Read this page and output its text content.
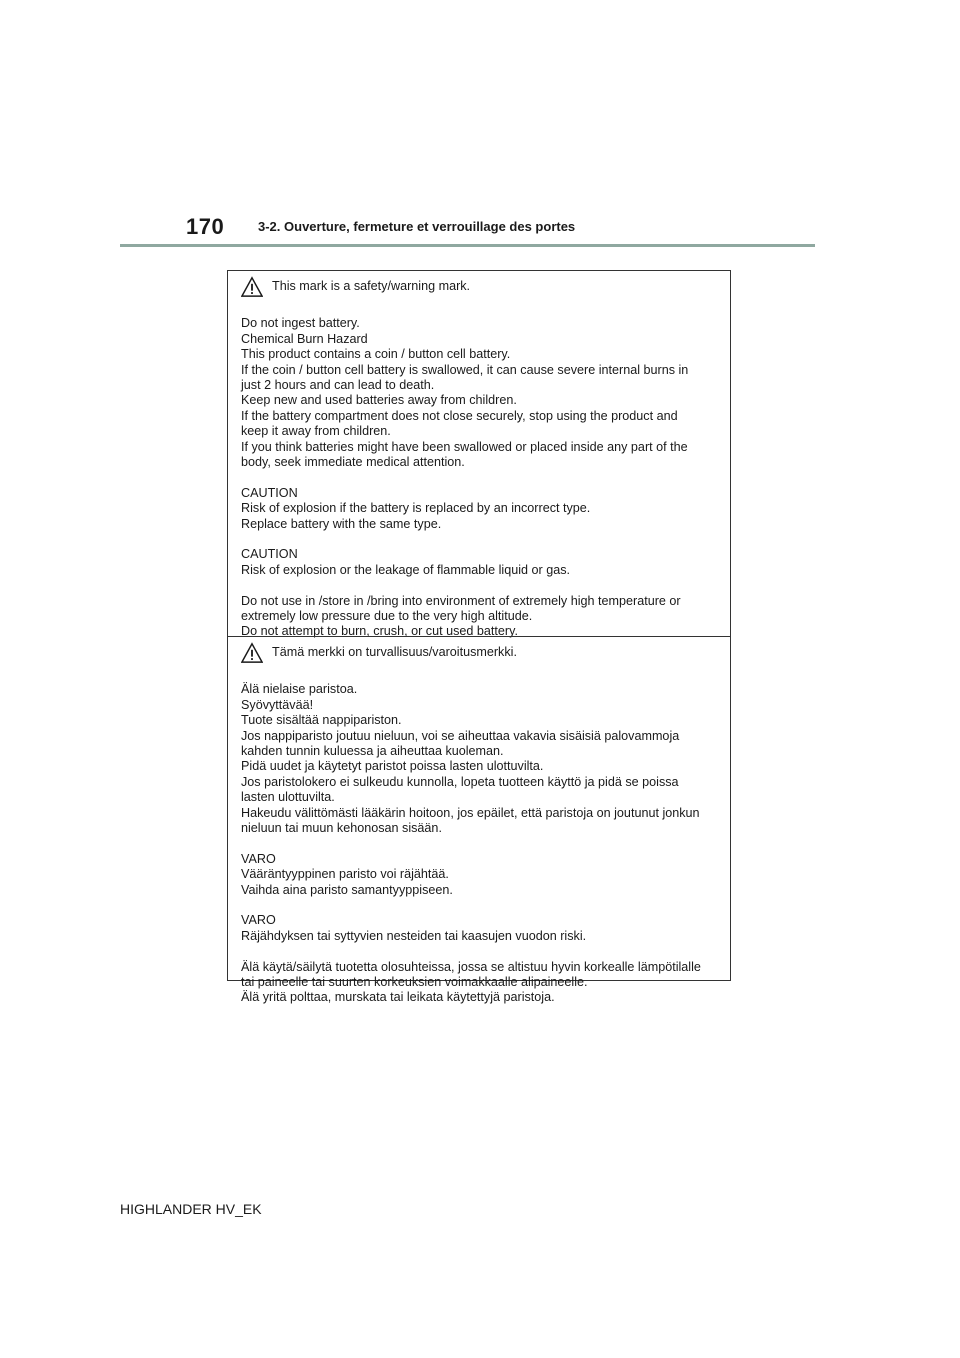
170	3-2. Ouverture, fermeture et verrouillage des portes
This mark is a safety/warning mark.
Do not ingest battery.
Chemical Burn Hazard
This product contains a coin / button cell battery.
If the coin / button cell battery is swallowed, it can cause severe internal burns in
just 2 hours and can lead to death.
Keep new and used batteries away from children.
If the battery compartment does not close securely, stop using the product and
keep it away from children.
If you think batteries might have been swallowed or placed inside any part of the
body, seek immediate medical attention.
CAUTION
Risk of explosion if the battery is replaced by an incorrect type.
Replace battery with the same type.
CAUTION
Risk of explosion or the leakage of flammable liquid or gas.
Do not use in /store in /bring into environment of extremely high temperature or
extremely low pressure due to the very high altitude.
Do not attempt to burn, crush, or cut used battery.
Tämä merkki on turvallisuus/varoitusmerkki.
Älä nielaise paristoa.
Syövyttävää!
Tuote sisältää nappipariston.
Jos nappiparisto joutuu nieluun, voi se aiheuttaa vakavia sisäisiä palovammoja
kahden tunnin kuluessa ja aiheuttaa kuoleman.
Pidä uudet ja käytetyt paristot poissa lasten ulottuvilta.
Jos paristolokero ei sulkeudu kunnolla, lopeta tuotteen käyttö ja pidä se poissa
lasten ulottuvilta.
Hakeudu välittömästi lääkärin hoitoon, jos epäilet, että paristoja on joutunut jonkun
nieluun tai muun kehonosan sisään.
VARO
Vääräntyyppinen paristo voi räjähtää.
Vaihda aina paristo samantyyppiseen.
VARO
Räjähdyksen tai syttyvien nesteiden tai kaasujen vuodon riski.
Älä käytä/säilytä tuotetta olosuhteissa, jossa se altistuu hyvin korkealle lämpötilalle
tai paineelle tai suurten korkeuksien voimakkaalle alipaineelle.
Älä yritä polttaa, murskata tai leikata käytettyjä paristoja.
HIGHLANDER HV_EK
